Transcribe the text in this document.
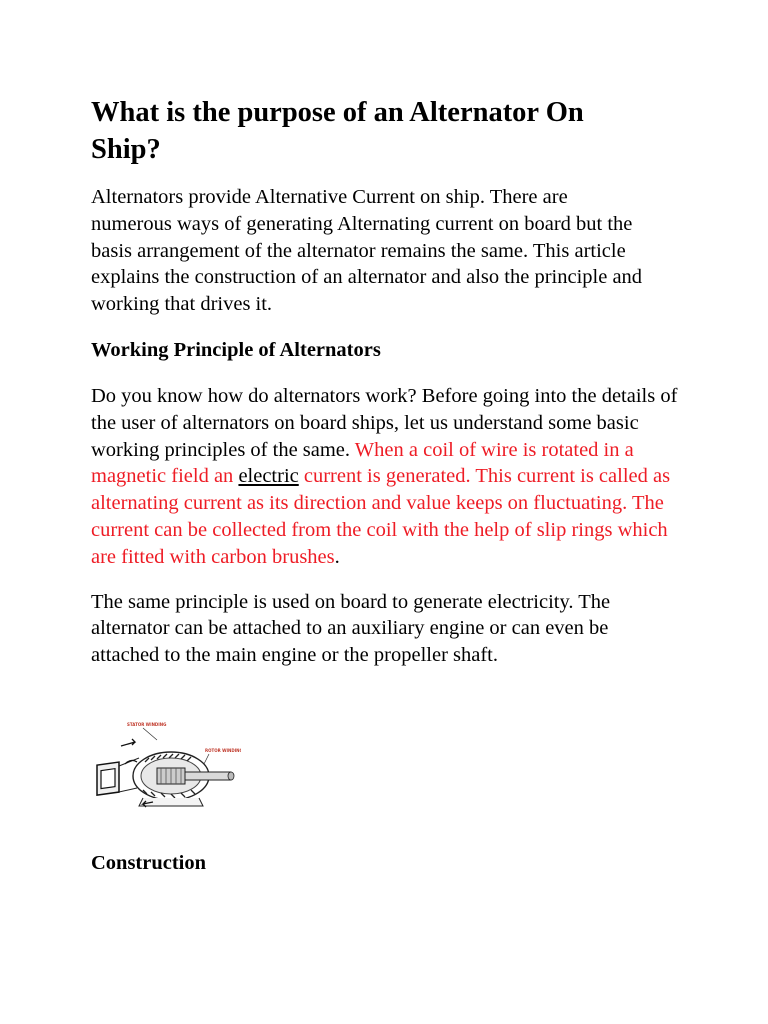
What is the purpose of an Alternator On Ship?

Alternators provide Alternative Current on ship. There are numerous ways of generating Alternating current on board but the basis arrangement of the alternator remains the same. This article explains the construction of an alternator and also the principle and working that drives it.

Working Principle of Alternators

Do you know how do alternators work? Before going into the details of the user of alternators on board ships, let us understand some basic working principles of the same. When a coil of wire is rotated in a magnetic field an electric current is generated. This current is called as alternating current as its direction and value keeps on fluctuating. The current can be collected from the coil with the help of slip rings which are fitted with carbon brushes.

The same principle is used on board to generate electricity. The alternator can be attached to an auxiliary engine or can even be attached to the main engine or the propeller shaft.

STATOR WINDING
ROTOR WINDING
Construction
